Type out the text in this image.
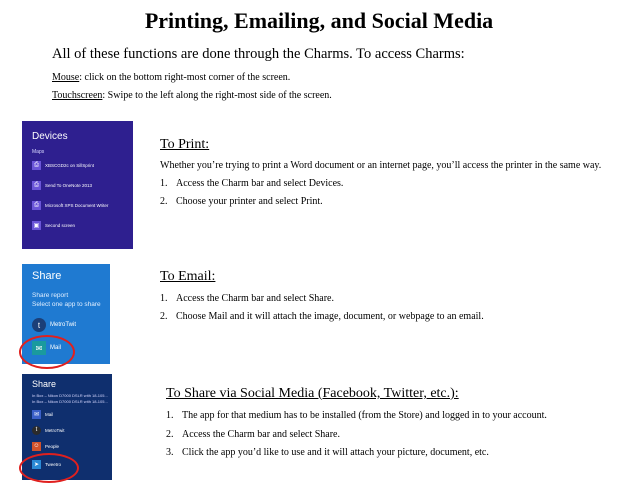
Printing, Emailing, and Social Media
All of these functions are done through the Charms. To access Charms:
Mouse: click on the bottom right-most corner of the screen.
Touchscreen: Swipe to the left along the right-most side of the screen.
Devices
Maps
⎙	XBSCGD2c on SillSprint
⎙	Send To OneNote 2013
⎙	Microsoft XPS Document Writer
▣	Second screen
To Print:
Whether you’re trying to print a Word document or an internet page, you’ll access the printer in the same way.
1. Access the Charm bar and select Devices.
2. Choose your printer and select Print.
Share
Share report
Select one app to share
t	MetroTwit
✉	Mail
To Email:
1. Access the Charm bar and select Share.
2. Choose Mail and it will attach the image, document, or webpage to an email.
Share
In Box – Nikon D7000 DSLR with 18-105...
In Box – Nikon D7000 DSLR with 18-105...
✉	Mail
t	MetroTwit
☺	People
➤	Tweetro
To Share via Social Media (Facebook, Twitter, etc.):
1. The app for that medium has to be installed (from the Store) and logged in to your account.
2. Access the Charm bar and select Share.
3. Click the app you’d like to use and it will attach your picture, document, etc.
